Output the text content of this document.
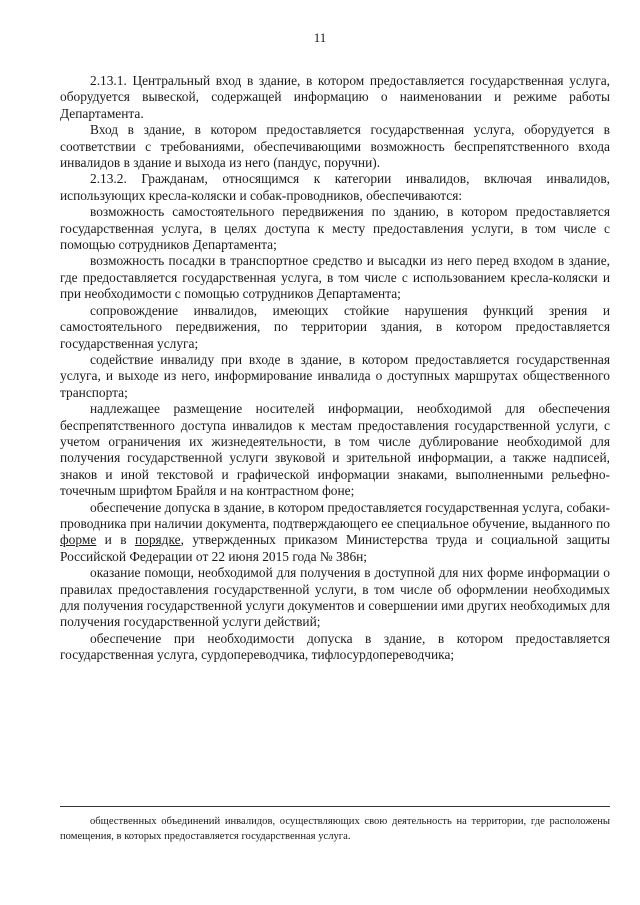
11

2.13.1. Центральный вход в здание, в котором предоставляется государственная услуга, оборудуется вывеской, содержащей информацию о наименовании и режиме работы Департамента.

Вход в здание, в котором предоставляется государственная услуга, оборудуется в соответствии с требованиями, обеспечивающими возможность беспрепятственного входа инвалидов в здание и выхода из него (пандус, поручни).

2.13.2. Гражданам, относящимся к категории инвалидов, включая инвалидов, использующих кресла-коляски и собак-проводников, обеспечиваются:

возможность самостоятельного передвижения по зданию, в котором предоставляется государственная услуга, в целях доступа к месту предоставления услуги, в том числе с помощью сотрудников Департамента;

возможность посадки в транспортное средство и высадки из него перед входом в здание, где предоставляется государственная услуга, в том числе с использованием кресла-коляски и при необходимости с помощью сотрудников Департамента;

сопровождение инвалидов, имеющих стойкие нарушения функций зрения и самостоятельного передвижения, по территории здания, в котором предоставляется государственная услуга;

содействие инвалиду при входе в здание, в котором предоставляется государственная услуга, и выходе из него, информирование инвалида о доступных маршрутах общественного транспорта;

надлежащее размещение носителей информации, необходимой для обеспечения беспрепятственного доступа инвалидов к местам предоставления государственной услуги, с учетом ограничения их жизнедеятельности, в том числе дублирование необходимой для получения государственной услуги звуковой и зрительной информации, а также надписей, знаков и иной текстовой и графической информации знаками, выполненными рельефно-точечным шрифтом Брайля и на контрастном фоне;

обеспечение допуска в здание, в котором предоставляется государственная услуга, собаки-проводника при наличии документа, подтверждающего ее специальное обучение, выданного по форме и в порядке, утвержденных приказом Министерства труда и социальной защиты Российской Федерации от 22 июня 2015 года № 386н;

оказание помощи, необходимой для получения в доступной для них форме информации о правилах предоставления государственной услуги, в том числе об оформлении необходимых для получения государственной услуги документов и совершении ими других необходимых для получения государственной услуги действий;

обеспечение при необходимости допуска в здание, в котором предоставляется государственная услуга, сурдопереводчика, тифлосурдопереводчика;

общественных объединений инвалидов, осуществляющих свою деятельность на территории, где расположены помещения, в которых предоставляется государственная услуга.
